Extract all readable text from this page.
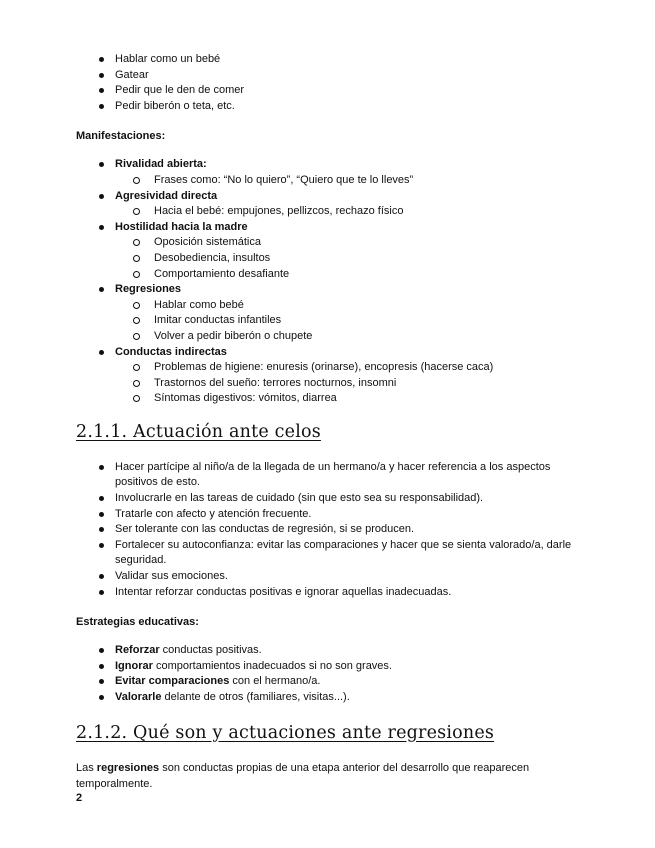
Hablar como un bebé
Gatear
Pedir que le den de comer
Pedir biberón o teta, etc.
Manifestaciones:
Rivalidad abierta:
Frases como: “No lo quiero”, “Quiero que te lo lleves”
Agresividad directa
Hacia el bebé: empujones, pellizcos, rechazo físico
Hostilidad hacia la madre
Oposición sistemática
Desobediencia, insultos
Comportamiento desafiante
Regresiones
Hablar como bebé
Imitar conductas infantiles
Volver a pedir biberón o chupete
Conductas indirectas
Problemas de higiene: enuresis (orinarse), encopresis (hacerse caca)
Trastornos del sueño: terrores nocturnos, insomni
Síntomas digestivos: vómitos, diarrea
2.1.1. Actuación ante celos
Hacer partícipe al niño/a de la llegada de un hermano/a y hacer referencia a los aspectos positivos de esto.
Involucrarle en las tareas de cuidado (sin que esto sea su responsabilidad).
Tratarle con afecto y atención frecuente.
Ser tolerante con las conductas de regresión, si se producen.
Fortalecer su autoconfianza: evitar las comparaciones y hacer que se sienta valorado/a, darle seguridad.
Validar sus emociones.
Intentar reforzar conductas positivas e ignorar aquellas inadecuadas.
Estrategias educativas:
Reforzar conductas positivas.
Ignorar comportamientos inadecuados si no son graves.
Evitar comparaciones con el hermano/a.
Valorarle delante de otros (familiares, visitas...).
2.1.2. Qué son y actuaciones ante regresiones

Las regresiones son conductas propias de una etapa anterior del desarrollo que reaparecen temporalmente.

2
